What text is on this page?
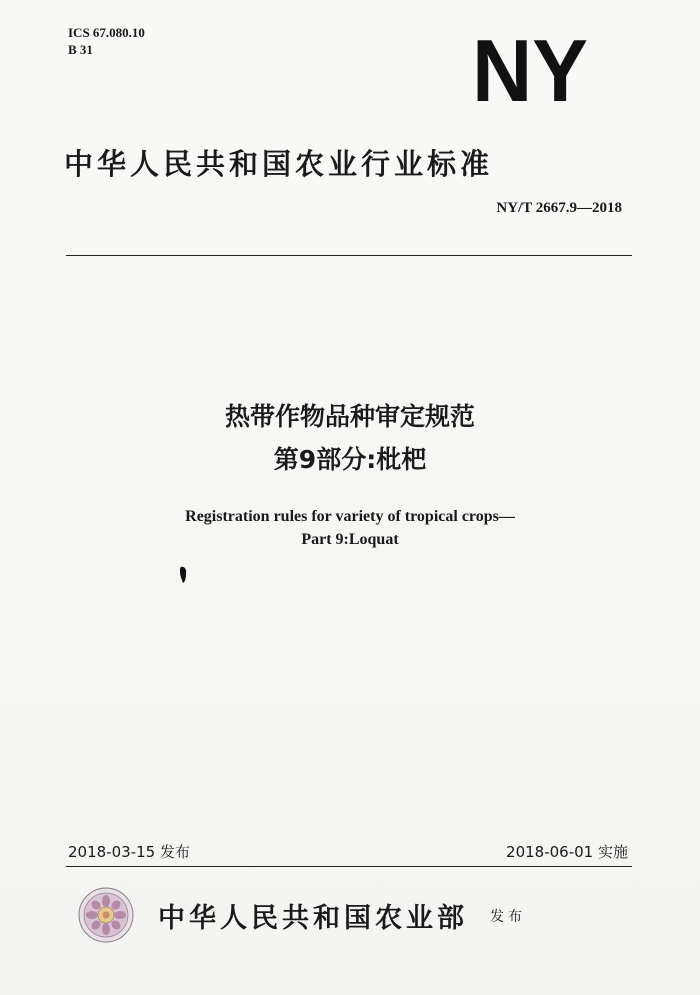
ICS 67.080.10
B 31	NY
中华人民共和国农业行业标准
NY/T 2667.9—2018
热带作物品种审定规范
第9部分:枇杷
Registration rules for variety of tropical crops—
Part 9:Loquat
2018-03-15 发布	2018-06-01 实施
中华人民共和国农业部 发布
